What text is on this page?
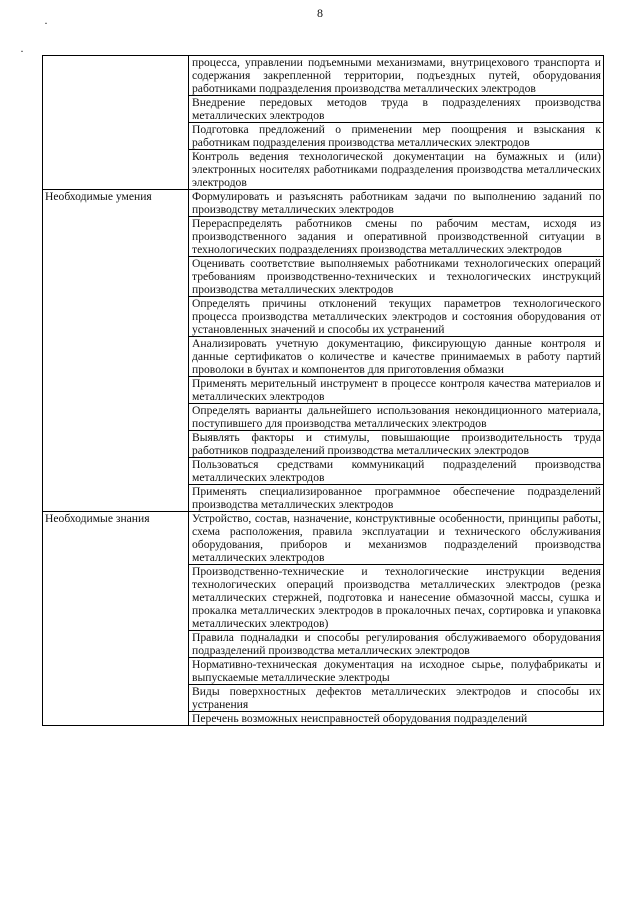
8
·
·
	процесса, управлении подъемными механизмами, внутрицехового транспорта и содержания закрепленной территории, подъездных путей, оборудования работниками подразделения производства металлических электродов
	Внедрение передовых методов труда в подразделениях производства металлических электродов
	Подготовка предложений о применении мер поощрения и взыскания к работникам подразделения производства металлических электродов
	Контроль ведения технологической документации на бумажных и (или) электронных носителях работниками подразделения производства металлических электродов
Необходимые умения	Формулировать и разъяснять работникам задачи по выполнению заданий по производству металлических электродов
	Перераспределять работников смены по рабочим местам, исходя из производственного задания и оперативной производственной ситуации в технологических подразделениях производства металлических электродов
	Оценивать соответствие выполняемых работниками технологических операций требованиям производственно-технических и технологических инструкций производства металлических электродов
	Определять причины отклонений текущих параметров технологического процесса производства металлических электродов и состояния оборудования от установленных значений и способы их устранений
	Анализировать учетную документацию, фиксирующую данные контроля и данные сертификатов о количестве и качестве принимаемых в работу партий проволоки в бунтах и компонентов для приготовления обмазки
	Применять мерительный инструмент в процессе контроля качества материалов и металлических электродов
	Определять варианты дальнейшего использования некондиционного материала, поступившего для производства металлических электродов
	Выявлять факторы и стимулы, повышающие производительность труда работников подразделений производства металлических электродов
	Пользоваться средствами коммуникаций подразделений производства металлических электродов
	Применять специализированное программное обеспечение подразделений производства металлических электродов
Необходимые знания	Устройство, состав, назначение, конструктивные особенности, принципы работы, схема расположения, правила эксплуатации и технического обслуживания оборудования, приборов и механизмов подразделений производства металлических электродов
	Производственно-технические и технологические инструкции ведения технологических операций производства металлических электродов (резка металлических стержней, подготовка и нанесение обмазочной массы, сушка и прокалка металлических электродов в прокалочных печах, сортировка и упаковка металлических электродов)
	Правила подналадки и способы регулирования обслуживаемого оборудования подразделений производства металлических электродов
	Нормативно-техническая документация на исходное сырье, полуфабрикаты и выпускаемые металлические электроды
	Виды поверхностных дефектов металлических электродов и способы их устранения
	Перечень возможных неисправностей оборудования подразделений
